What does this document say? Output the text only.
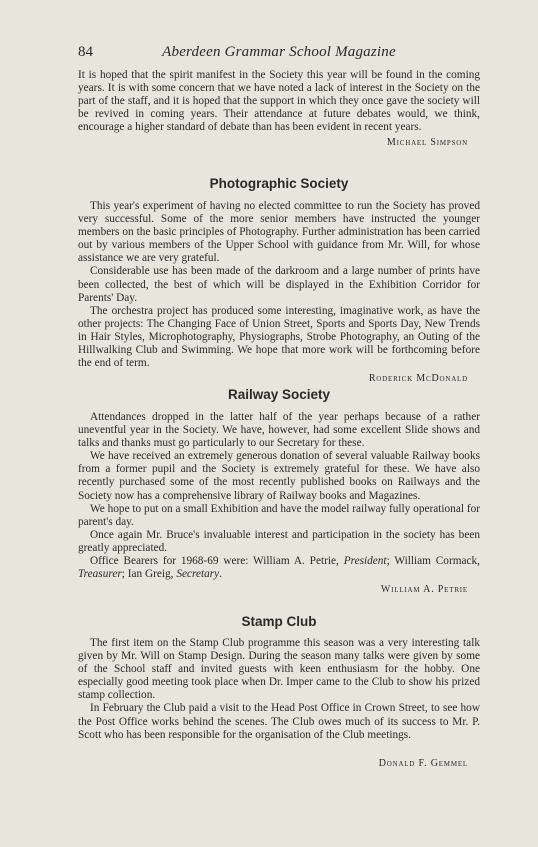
84	Aberdeen Grammar School Magazine

It is hoped that the spirit manifest in the Society this year will be found in the coming years. It is with some concern that we have noted a lack of interest in the Society on the part of the staff, and it is hoped that the support in which they once gave the society will be revived in coming years. Their attendance at future debates would, we think, encourage a higher standard of debate than has been evident in recent years.

Michael Simpson
Photographic Society

This year's experiment of having no elected committee to run the Society has proved very successful. Some of the more senior members have instructed the younger members on the basic principles of Photography. Further administration has been carried out by various members of the Upper School with guidance from Mr. Will, for whose assistance we are very grateful.

Considerable use has been made of the darkroom and a large number of prints have been collected, the best of which will be displayed in the Exhibition Corridor for Parents' Day.

The orchestra project has produced some interesting, imaginative work, as have the other projects: The Changing Face of Union Street, Sports and Sports Day, New Trends in Hair Styles, Microphotography, Physiographs, Strobe Photography, an Outing of the Hillwalking Club and Swimming. We hope that more work will be forthcoming before the end of term.

Roderick McDonald
Railway Society

Attendances dropped in the latter half of the year perhaps because of a rather uneventful year in the Society. We have, however, had some excellent Slide shows and talks and thanks must go particularly to our Secretary for these.

We have received an extremely generous donation of several valuable Railway books from a former pupil and the Society is extremely grateful for these. We have also recently purchased some of the most recently published books on Railways and the Society now has a comprehensive library of Railway books and Magazines.

We hope to put on a small Exhibition and have the model railway fully operational for parent's day.

Once again Mr. Bruce's invaluable interest and participation in the society has been greatly appreciated.

Office Bearers for 1968-69 were: William A. Petrie, President; William Cormack, Treasurer; Ian Greig, Secretary.

William A. Petrie
Stamp Club

The first item on the Stamp Club programme this season was a very interesting talk given by Mr. Will on Stamp Design. During the season many talks were given by some of the School staff and invited guests with keen enthusiasm for the hobby. One especially good meeting took place when Dr. Imper came to the Club to show his prized stamp collection.

In February the Club paid a visit to the Head Post Office in Crown Street, to see how the Post Office works behind the scenes. The Club owes much of its success to Mr. P. Scott who has been responsible for the organisation of the Club meetings.

Donald F. Gemmel
